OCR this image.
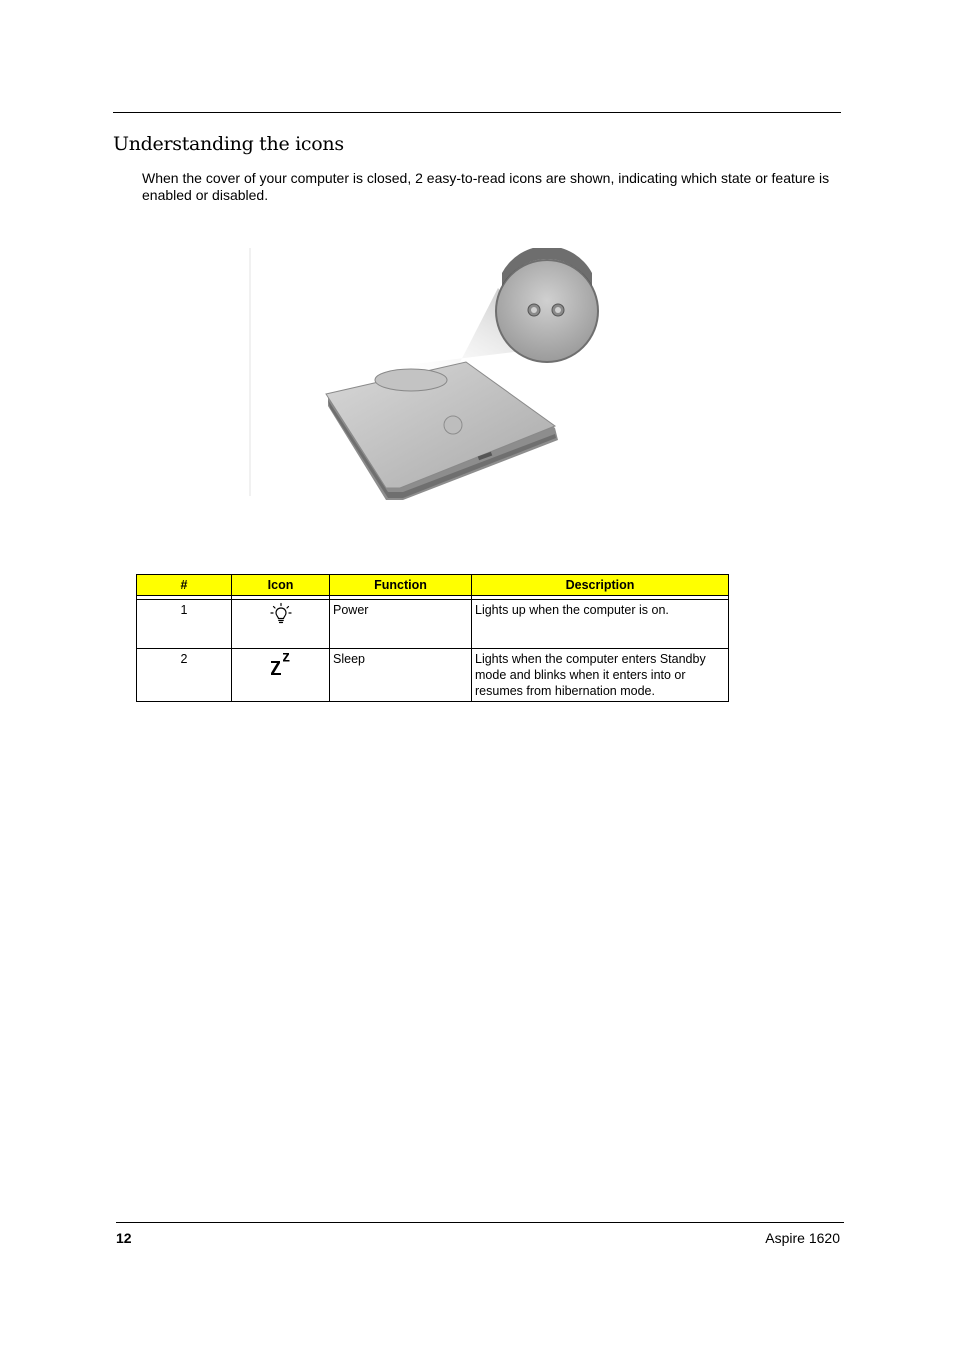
Understanding the icons

When the cover of your computer is closed, 2 easy-to-read icons are shown, indicating which state or feature is enabled or disabled.

#	Icon	Function	Description

1		Power	Lights up when the computer is on.
2		Sleep	Lights when the computer enters Standby mode and blinks when it enters into or resumes from hibernation mode.
12	Aspire 1620
